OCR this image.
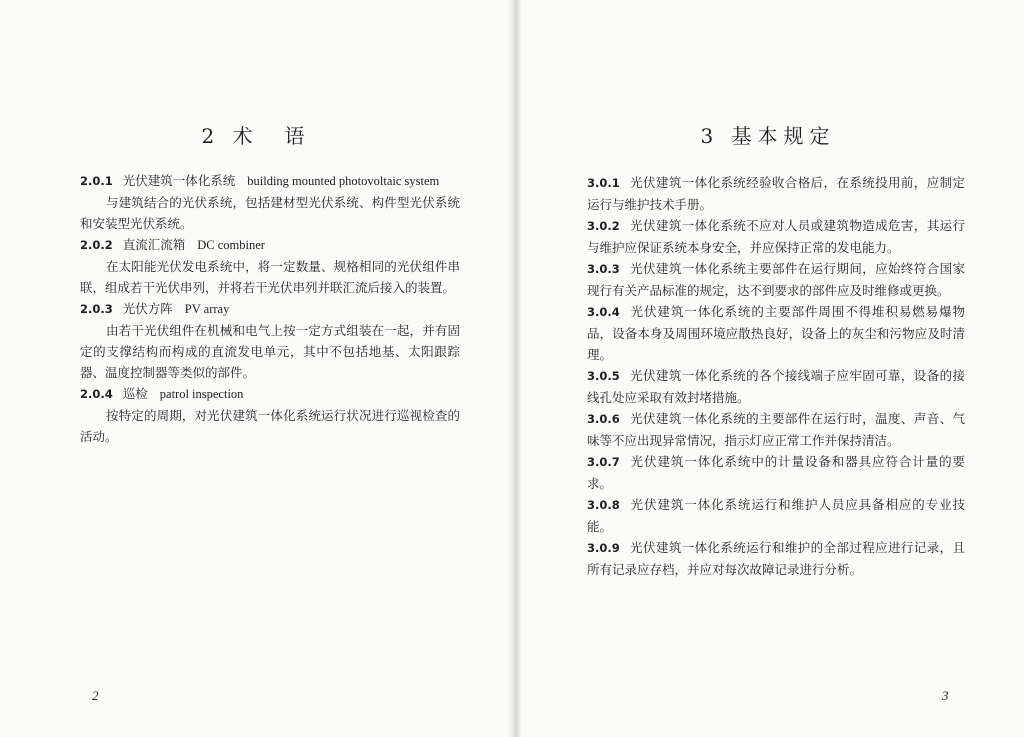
2 术　语

2.0.1 光伏建筑一体化系统 building mounted photovoltaic system

与建筑结合的光伏系统，包括建材型光伏系统、构件型光伏系统和安装型光伏系统。

2.0.2 直流汇流箱 DC combiner

在太阳能光伏发电系统中，将一定数量、规格相同的光伏组件串联，组成若干光伏串列，并将若干光伏串列并联汇流后接入的装置。

2.0.3 光伏方阵 PV array

由若干光伏组件在机械和电气上按一定方式组装在一起，并有固定的支撑结构而构成的直流发电单元，其中不包括地基、太阳跟踪器、温度控制器等类似的部件。

2.0.4 巡检 patrol inspection

按特定的周期，对光伏建筑一体化系统运行状况进行巡视检查的活动。

2
3 基本规定

3.0.1 光伏建筑一体化系统经验收合格后，在系统投用前，应制定运行与维护技术手册。

3.0.2 光伏建筑一体化系统不应对人员或建筑物造成危害，其运行与维护应保证系统本身安全，并应保持正常的发电能力。

3.0.3 光伏建筑一体化系统主要部件在运行期间，应始终符合国家现行有关产品标准的规定，达不到要求的部件应及时维修或更换。

3.0.4 光伏建筑一体化系统的主要部件周围不得堆积易燃易爆物品，设备本身及周围环境应散热良好，设备上的灰尘和污物应及时清理。

3.0.5 光伏建筑一体化系统的各个接线端子应牢固可靠，设备的接线孔处应采取有效封堵措施。

3.0.6 光伏建筑一体化系统的主要部件在运行时，温度、声音、气味等不应出现异常情况，指示灯应正常工作并保持清洁。

3.0.7 光伏建筑一体化系统中的计量设备和器具应符合计量的要求。

3.0.8 光伏建筑一体化系统运行和维护人员应具备相应的专业技能。

3.0.9 光伏建筑一体化系统运行和维护的全部过程应进行记录，且所有记录应存档，并应对每次故障记录进行分析。

3
